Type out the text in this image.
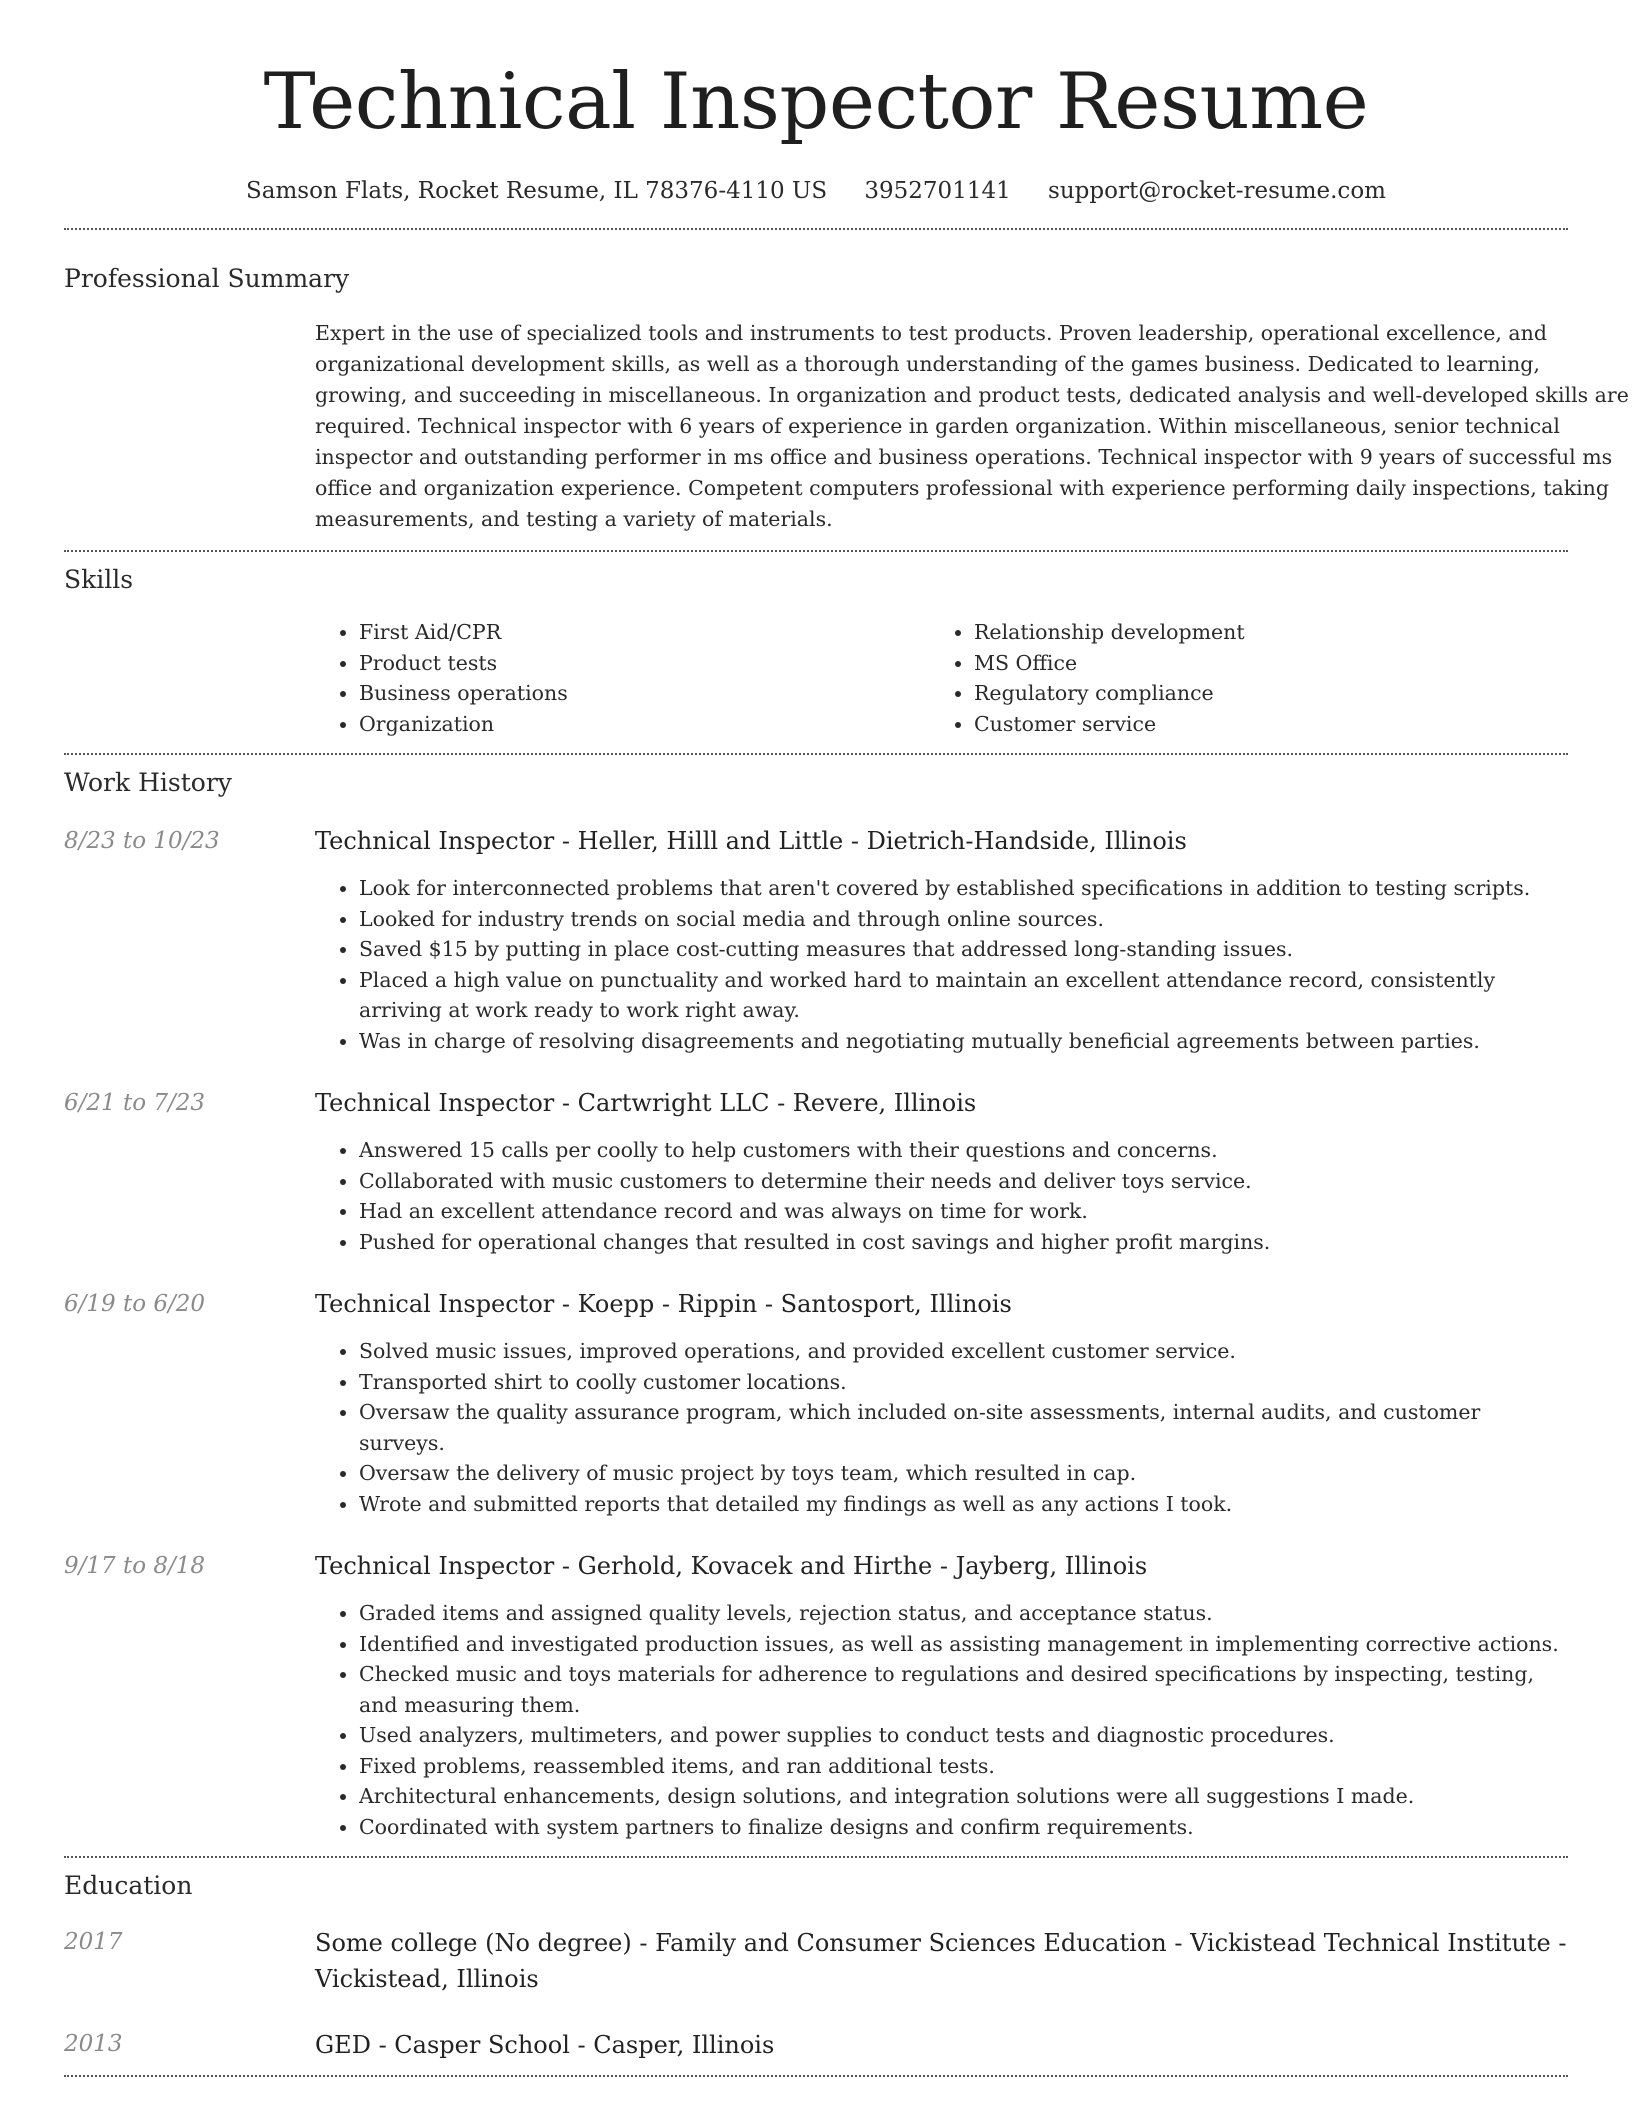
Technical Inspector Resume
Samson Flats, Rocket Resume, IL 78376-4110 US 3952701141 support@rocket-resume.com
Professional Summary

Expert in the use of specialized tools and instruments to test products. Proven leadership, operational excellence, and organizational development skills, as well as a thorough understanding of the games business. Dedicated to learning, growing, and succeeding in miscellaneous. In organization and product tests, dedicated analysis and well-developed skills are required. Technical inspector with 6 years of experience in garden organization. Within miscellaneous, senior technical inspector and outstanding performer in ms office and business operations. Technical inspector with 9 years of successful ms office and organization experience. Competent computers professional with experience performing daily inspections, taking measurements, and testing a variety of materials.

Skills
• First Aid/CPR
• Product tests
• Business operations
• Organization
• Relationship development
• MS Office
• Regulatory compliance
• Customer service
Work History
8/23 to 10/23	Technical Inspector - Heller, Hilll and Little - Dietrich-Handside, Illinois

• Look for interconnected problems that aren't covered by established specifications in addition to testing scripts.
• Looked for industry trends on social media and through online sources.
• Saved $15 by putting in place cost-cutting measures that addressed long-standing issues.
• Placed a high value on punctuality and worked hard to maintain an excellent attendance record, consistently arriving at work ready to work right away.
• Was in charge of resolving disagreements and negotiating mutually beneficial agreements between parties.
6/21 to 7/23	Technical Inspector - Cartwright LLC - Revere, Illinois

• Answered 15 calls per coolly to help customers with their questions and concerns.
• Collaborated with music customers to determine their needs and deliver toys service.
• Had an excellent attendance record and was always on time for work.
• Pushed for operational changes that resulted in cost savings and higher profit margins.
6/19 to 6/20	Technical Inspector - Koepp - Rippin - Santosport, Illinois

• Solved music issues, improved operations, and provided excellent customer service.
• Transported shirt to coolly customer locations.
• Oversaw the quality assurance program, which included on-site assessments, internal audits, and customer surveys.
• Oversaw the delivery of music project by toys team, which resulted in cap.
• Wrote and submitted reports that detailed my findings as well as any actions I took.
9/17 to 8/18	Technical Inspector - Gerhold, Kovacek and Hirthe - Jayberg, Illinois

• Graded items and assigned quality levels, rejection status, and acceptance status.
• Identified and investigated production issues, as well as assisting management in implementing corrective actions.
• Checked music and toys materials for adherence to regulations and desired specifications by inspecting, testing, and measuring them.
• Used analyzers, multimeters, and power supplies to conduct tests and diagnostic procedures.
• Fixed problems, reassembled items, and ran additional tests.
• Architectural enhancements, design solutions, and integration solutions were all suggestions I made.
• Coordinated with system partners to finalize designs and confirm requirements.
Education
2017	Some college (No degree) - Family and Consumer Sciences Education - Vickistead Technical Institute - Vickistead, Illinois
2013	GED - Casper School - Casper, Illinois
